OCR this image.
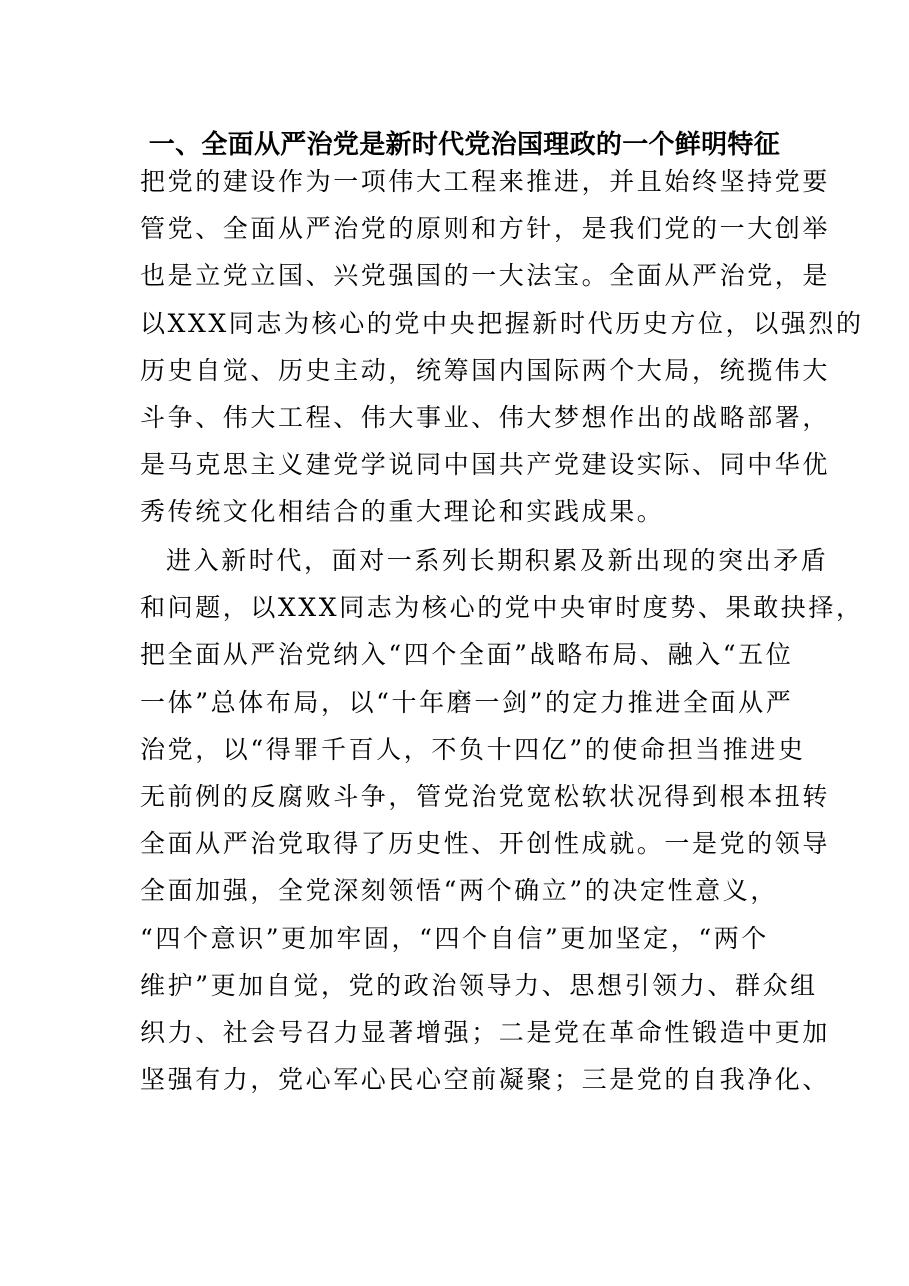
一、全面从严治党是新时代党治国理政的一个鲜明特征
把党的建设作为一项伟大工程来推进，并且始终坚持党要
管党、全面从严治党的原则和方针，是我们党的一大创举
也是立党立国、兴党强国的一大法宝。全面从严治党，是
以XXX同志为核心的党中央把握新时代历史方位，以强烈的
历史自觉、历史主动，统筹国内国际两个大局，统揽伟大
斗争、伟大工程、伟大事业、伟大梦想作出的战略部署，
是马克思主义建党学说同中国共产党建设实际、同中华优
秀传统文化相结合的重大理论和实践成果。
进入新时代，面对一系列长期积累及新出现的突出矛盾
和问题，以XXX同志为核心的党中央审时度势、果敢抉择，
把全面从严治党纳入“四个全面”战略布局、融入“五位
一体”总体布局，以“十年磨一剑”的定力推进全面从严
治党，以“得罪千百人，不负十四亿”的使命担当推进史
无前例的反腐败斗争，管党治党宽松软状况得到根本扭转
全面从严治党取得了历史性、开创性成就。一是党的领导
全面加强，全党深刻领悟“两个确立”的决定性意义，
“四个意识”更加牢固，“四个自信”更加坚定，“两个
维护”更加自觉，党的政治领导力、思想引领力、群众组
织力、社会号召力显著增强；二是党在革命性锻造中更加
坚强有力，党心军心民心空前凝聚；三是党的自我净化、
